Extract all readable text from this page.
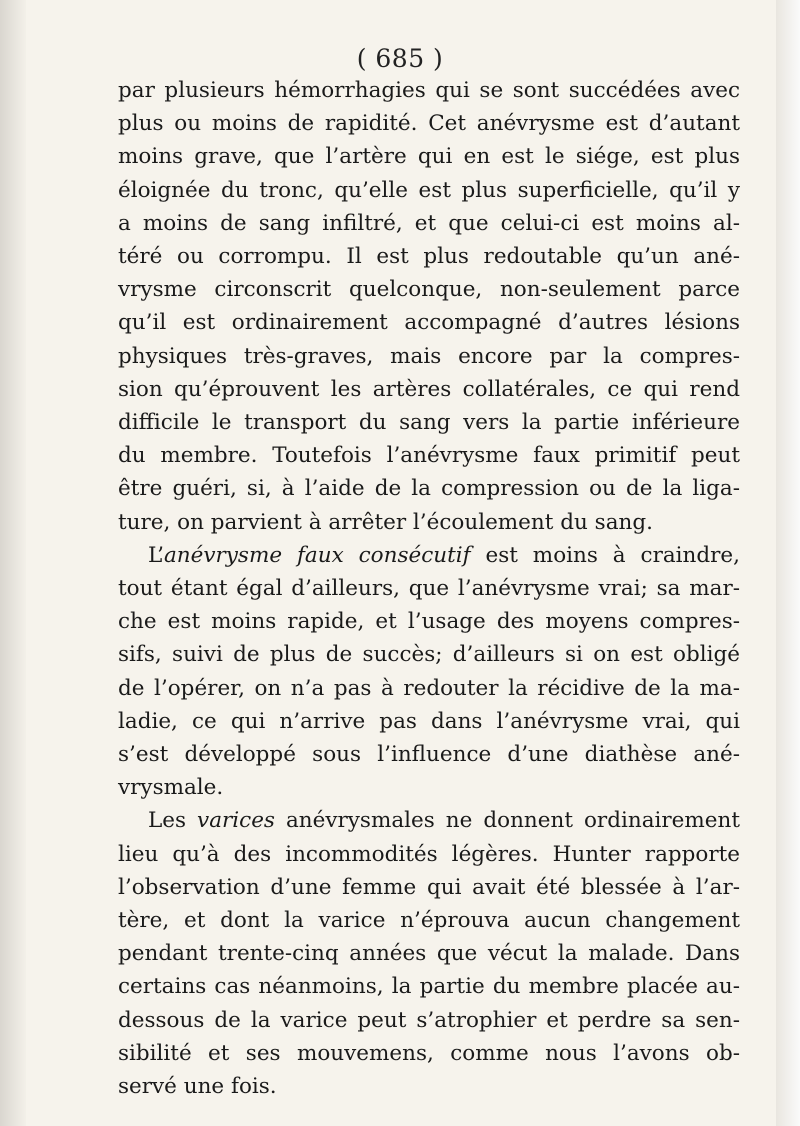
( 685 )
par plusieurs hémorrhagies qui se sont succédées avec
plus ou moins de rapidité. Cet anévrysme est d’autant
moins grave, que l’artère qui en est le siége, est plus
éloignée du tronc, qu’elle est plus superficielle, qu’il y
a moins de sang infiltré, et que celui-ci est moins al-
téré ou corrompu. Il est plus redoutable qu’un ané-
vrysme circonscrit quelconque, non-seulement parce
qu’il est ordinairement accompagné d’autres lésions
physiques très-graves, mais encore par la compres-
sion qu’éprouvent les artères collatérales, ce qui rend
difficile le transport du sang vers la partie inférieure
du membre. Toutefois l’anévrysme faux primitif peut
être guéri, si, à l’aide de la compression ou de la liga-
ture, on parvient à arrêter l’écoulement du sang.
L’anévrysme faux consécutif est moins à craindre,
tout étant égal d’ailleurs, que l’anévrysme vrai; sa mar-
che est moins rapide, et l’usage des moyens compres-
sifs, suivi de plus de succès; d’ailleurs si on est obligé
de l’opérer, on n’a pas à redouter la récidive de la ma-
ladie, ce qui n’arrive pas dans l’anévrysme vrai, qui
s’est développé sous l’influence d’une diathèse ané-
vrysmale.
Les varices anévrysmales ne donnent ordinairement
lieu qu’à des incommodités légères. Hunter rapporte
l’observation d’une femme qui avait été blessée à l’ar-
tère, et dont la varice n’éprouva aucun changement
pendant trente-cinq années que vécut la malade. Dans
certains cas néanmoins, la partie du membre placée au-
dessous de la varice peut s’atrophier et perdre sa sen-
sibilité et ses mouvemens, comme nous l’avons ob-
servé une fois.
